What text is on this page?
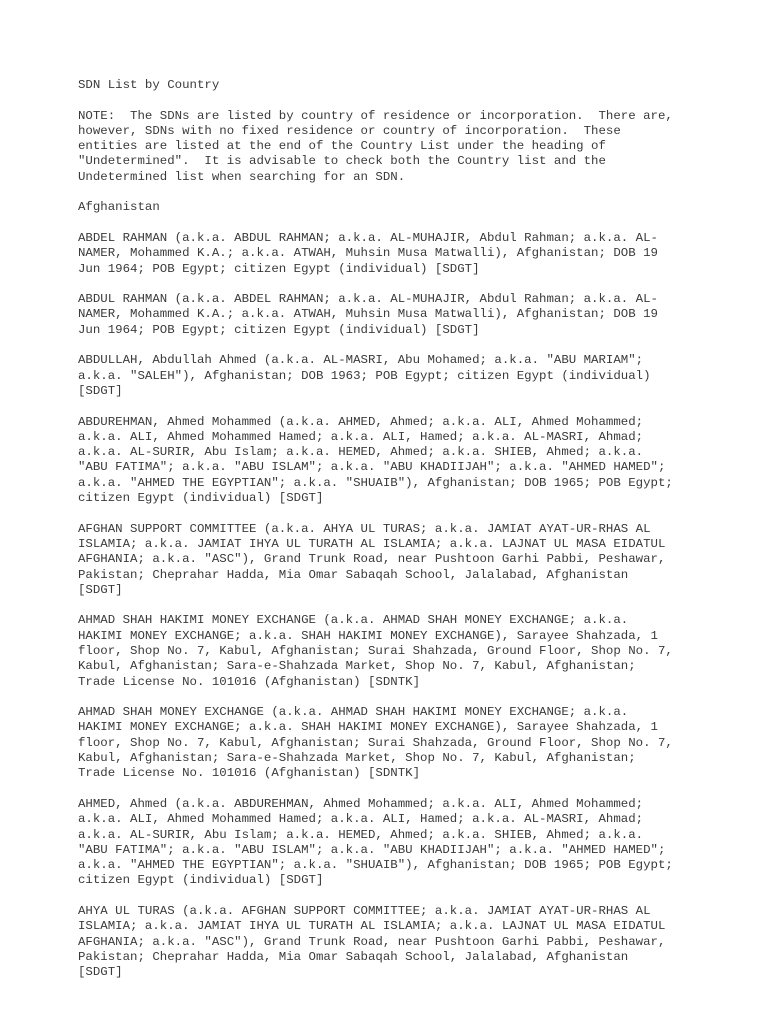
SDN List by Country

NOTE:  The SDNs are listed by country of residence or incorporation.  There are,
however, SDNs with no fixed residence or country of incorporation.  These
entities are listed at the end of the Country List under the heading of
"Undetermined".  It is advisable to check both the Country list and the
Undetermined list when searching for an SDN.

Afghanistan

ABDEL RAHMAN (a.k.a. ABDUL RAHMAN; a.k.a. AL-MUHAJIR, Abdul Rahman; a.k.a. AL-
NAMER, Mohammed K.A.; a.k.a. ATWAH, Muhsin Musa Matwalli), Afghanistan; DOB 19
Jun 1964; POB Egypt; citizen Egypt (individual) [SDGT]

ABDUL RAHMAN (a.k.a. ABDEL RAHMAN; a.k.a. AL-MUHAJIR, Abdul Rahman; a.k.a. AL-
NAMER, Mohammed K.A.; a.k.a. ATWAH, Muhsin Musa Matwalli), Afghanistan; DOB 19
Jun 1964; POB Egypt; citizen Egypt (individual) [SDGT]

ABDULLAH, Abdullah Ahmed (a.k.a. AL-MASRI, Abu Mohamed; a.k.a. "ABU MARIAM";
a.k.a. "SALEH"), Afghanistan; DOB 1963; POB Egypt; citizen Egypt (individual)
[SDGT]

ABDUREHMAN, Ahmed Mohammed (a.k.a. AHMED, Ahmed; a.k.a. ALI, Ahmed Mohammed;
a.k.a. ALI, Ahmed Mohammed Hamed; a.k.a. ALI, Hamed; a.k.a. AL-MASRI, Ahmad;
a.k.a. AL-SURIR, Abu Islam; a.k.a. HEMED, Ahmed; a.k.a. SHIEB, Ahmed; a.k.a.
"ABU FATIMA"; a.k.a. "ABU ISLAM"; a.k.a. "ABU KHADIIJAH"; a.k.a. "AHMED HAMED";
a.k.a. "AHMED THE EGYPTIAN"; a.k.a. "SHUAIB"), Afghanistan; DOB 1965; POB Egypt;
citizen Egypt (individual) [SDGT]

AFGHAN SUPPORT COMMITTEE (a.k.a. AHYA UL TURAS; a.k.a. JAMIAT AYAT-UR-RHAS AL
ISLAMIA; a.k.a. JAMIAT IHYA UL TURATH AL ISLAMIA; a.k.a. LAJNAT UL MASA EIDATUL
AFGHANIA; a.k.a. "ASC"), Grand Trunk Road, near Pushtoon Garhi Pabbi, Peshawar,
Pakistan; Cheprahar Hadda, Mia Omar Sabaqah School, Jalalabad, Afghanistan
[SDGT]

AHMAD SHAH HAKIMI MONEY EXCHANGE (a.k.a. AHMAD SHAH MONEY EXCHANGE; a.k.a.
HAKIMI MONEY EXCHANGE; a.k.a. SHAH HAKIMI MONEY EXCHANGE), Sarayee Shahzada, 1
floor, Shop No. 7, Kabul, Afghanistan; Surai Shahzada, Ground Floor, Shop No. 7,
Kabul, Afghanistan; Sara-e-Shahzada Market, Shop No. 7, Kabul, Afghanistan;
Trade License No. 101016 (Afghanistan) [SDNTK]

AHMAD SHAH MONEY EXCHANGE (a.k.a. AHMAD SHAH HAKIMI MONEY EXCHANGE; a.k.a.
HAKIMI MONEY EXCHANGE; a.k.a. SHAH HAKIMI MONEY EXCHANGE), Sarayee Shahzada, 1
floor, Shop No. 7, Kabul, Afghanistan; Surai Shahzada, Ground Floor, Shop No. 7,
Kabul, Afghanistan; Sara-e-Shahzada Market, Shop No. 7, Kabul, Afghanistan;
Trade License No. 101016 (Afghanistan) [SDNTK]

AHMED, Ahmed (a.k.a. ABDUREHMAN, Ahmed Mohammed; a.k.a. ALI, Ahmed Mohammed;
a.k.a. ALI, Ahmed Mohammed Hamed; a.k.a. ALI, Hamed; a.k.a. AL-MASRI, Ahmad;
a.k.a. AL-SURIR, Abu Islam; a.k.a. HEMED, Ahmed; a.k.a. SHIEB, Ahmed; a.k.a.
"ABU FATIMA"; a.k.a. "ABU ISLAM"; a.k.a. "ABU KHADIIJAH"; a.k.a. "AHMED HAMED";
a.k.a. "AHMED THE EGYPTIAN"; a.k.a. "SHUAIB"), Afghanistan; DOB 1965; POB Egypt;
citizen Egypt (individual) [SDGT]

AHYA UL TURAS (a.k.a. AFGHAN SUPPORT COMMITTEE; a.k.a. JAMIAT AYAT-UR-RHAS AL
ISLAMIA; a.k.a. JAMIAT IHYA UL TURATH AL ISLAMIA; a.k.a. LAJNAT UL MASA EIDATUL
AFGHANIA; a.k.a. "ASC"), Grand Trunk Road, near Pushtoon Garhi Pabbi, Peshawar,
Pakistan; Cheprahar Hadda, Mia Omar Sabaqah School, Jalalabad, Afghanistan
[SDGT]
